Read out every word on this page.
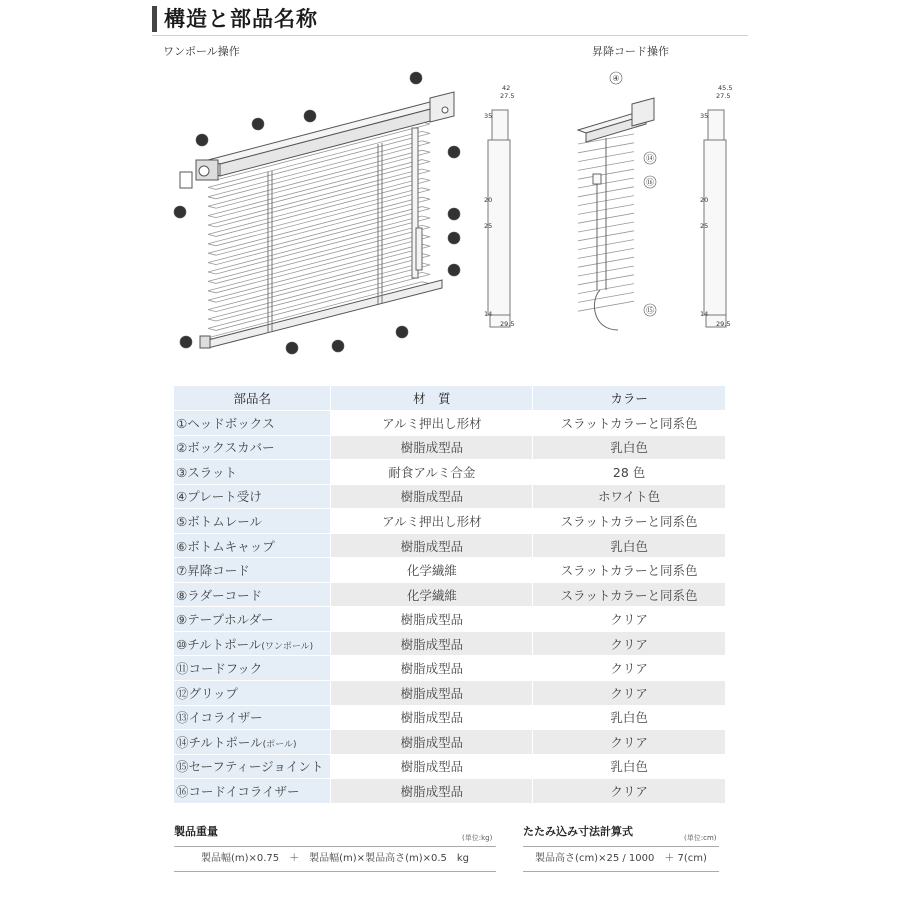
構造と部品名称
ワンポール操作	昇降コード操作
①
②
③
④
⑤
⑥
⑦
⑧
⑨
⑩
⑪
⑫
⑬
42
27.5
35
20
25
14
29.5
④
⑭
⑯
⑮
45.5
27.5
35
20
25
14
29.5
部品名	材　質	カラー
①ヘッドボックス	アルミ押出し形材	スラットカラーと同系色
②ボックスカバー	樹脂成型品	乳白色
③スラット	耐食アルミ合金	28 色
④プレート受け	樹脂成型品	ホワイト色
⑤ボトムレール	アルミ押出し形材	スラットカラーと同系色
⑥ボトムキャップ	樹脂成型品	乳白色
⑦昇降コード	化学繊維	スラットカラーと同系色
⑧ラダーコード	化学繊維	スラットカラーと同系色
⑨テープホルダー	樹脂成型品	クリア
⑩チルトポール(ワンポール)	樹脂成型品	クリア
⑪コードフック	樹脂成型品	クリア
⑫グリップ	樹脂成型品	クリア
⑬イコライザー	樹脂成型品	乳白色
⑭チルトポール(ポール)	樹脂成型品	クリア
⑮セーフティージョイント	樹脂成型品	乳白色
⑯コードイコライザー	樹脂成型品	クリア
製品重量	(単位:kg)
製品幅(m)×0.75　＋　製品幅(m)×製品高さ(m)×0.5　kg
たたみ込み寸法計算式	(単位:cm)
製品高さ(cm)×25 / 1000　＋ 7(cm)
